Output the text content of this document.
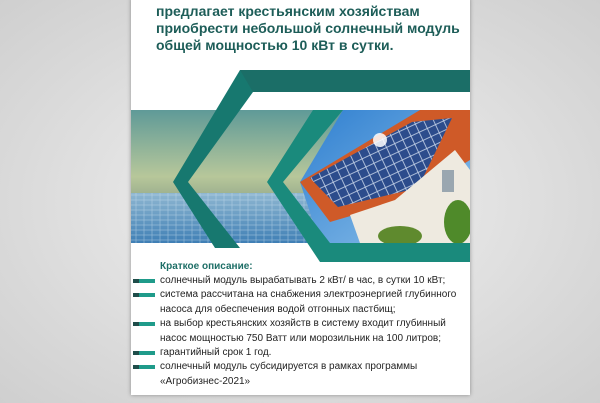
предлагает крестьянским хозяйствам
приобрести небольшой солнечный модуль
общей мощностью 10 кВт в сутки.
Краткое описание:
солнечный модуль вырабатывать 2 кВт/ в час, в сутки 10 кВт;
система рассчитана на снабжения электроэнергией глубинного
насоса для обеспечения водой отгонных пастбищ;
на выбор крестьянских хозяйств в систему входит глубинный
насос мощностью 750 Ватт или морозильник на 100 литров;
гарантийный срок 1 год.
солнечный модуль субсидируется в рамках программы
«Агробизнес-2021»
